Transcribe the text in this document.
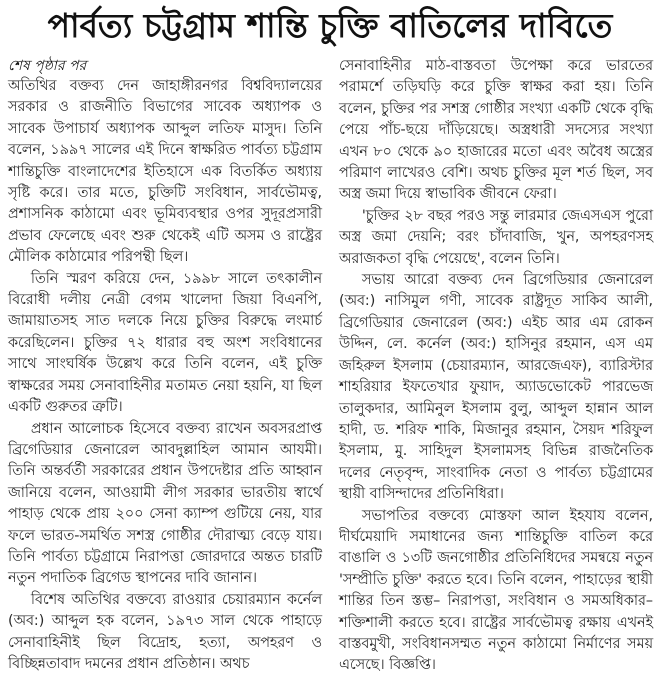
পার্বত্য চট্টগ্রাম শান্তি চুক্তি বাতিলের দাবিতে
শেষ পৃষ্ঠার পর

অতিথির বক্তব্য দেন জাহাঙ্গীরনগর বিশ্ববিদ্যালয়ের সরকার ও রাজনীতি বিভাগের সাবেক অধ্যাপক ও সাবেক উপাচার্য অধ্যাপক আব্দুল লতিফ মাসুদ। তিনি বলেন, ১৯৯৭ সালের এই দিনে স্বাক্ষরিত পার্বত্য চট্টগ্রাম শান্তিচুক্তি বাংলাদেশের ইতিহাসে এক বিতর্কিত অধ্যায় সৃষ্টি করে। তার মতে, চুক্তিটি সংবিধান, সার্বভৌমত্ব, প্রশাসনিক কাঠামো এবং ভূমিব্যবস্থার ওপর সুদূরপ্রসারী প্রভাব ফেলেছে এবং শুরু থেকেই এটি অসম ও রাষ্ট্রের মৌলিক কাঠামোর পরিপন্থী ছিল।

তিনি স্মরণ করিয়ে দেন, ১৯৯৮ সালে তৎকালীন বিরোধী দলীয় নেত্রী বেগম খালেদা জিয়া বিএনপি, জামায়াতসহ সাত দলকে নিয়ে চুক্তির বিরুদ্ধে লংমার্চ করেছিলেন। চুক্তির ৭২ ধারার বহু অংশ সংবিধানের সাথে সাংঘর্ষিক উল্লেখ করে তিনি বলেন, এই চুক্তি স্বাক্ষরের সময় সেনাবাহিনীর মতামত নেয়া হয়নি, যা ছিল একটি গুরুতর ত্রুটি।

প্রধান আলোচক হিসেবে বক্তব্য রাখেন অবসরপ্রাপ্ত ব্রিগেডিয়ার জেনারেল আবদুল্লাহিল আমান আযমী। তিনি অন্তর্বর্তী সরকারের প্রধান উপদেষ্টার প্রতি আহ্বান জানিয়ে বলেন, আওয়ামী লীগ সরকার ভারতীয় স্বার্থে পাহাড় থেকে প্রায় ২০০ সেনা ক্যাম্প গুটিয়ে নেয়, যার ফলে ভারত-সমর্থিত সশস্ত্র গোষ্ঠীর দৌরাত্ম্য বেড়ে যায়। তিনি পার্বত্য চট্টগ্রামে নিরাপত্তা জোরদারে অন্তত চারটি নতুন পদাতিক ব্রিগেড স্থাপনের দাবি জানান।

বিশেষ অতিথির বক্তব্যে রাওয়ার চেয়ারম্যান কর্নেল (অব:) আব্দুল হক বলেন, ১৯৭৩ সাল থেকে পাহাড়ে সেনাবাহিনীই ছিল বিদ্রোহ, হত্যা, অপহরণ ও বিচ্ছিন্নতাবাদ দমনের প্রধান প্রতিষ্ঠান। অথচ

সেনাবাহিনীর মাঠ-বাস্তবতা উপেক্ষা করে ভারতের পরামর্শে তড়িঘড়ি করে চুক্তি স্বাক্ষর করা হয়। তিনি বলেন, চুক্তির পর সশস্ত্র গোষ্ঠীর সংখ্যা একটি থেকে বৃদ্ধি পেয়ে পাঁচ-ছয়ে দাঁড়িয়েছে। অস্ত্রধারী সদস্যের সংখ্যা এখন ৮০ থেকে ৯০ হাজারের মতো এবং অবৈধ অস্ত্রের পরিমাণ লাখেরও বেশি। অথচ চুক্তির মূল শর্ত ছিল, সব অস্ত্র জমা দিয়ে স্বাভাবিক জীবনে ফেরা।

'চুক্তির ২৮ বছর পরও সন্তু লারমার জেএসএস পুরো অস্ত্র জমা দেয়নি; বরং চাঁদাবাজি, খুন, অপহরণসহ অরাজকতা বৃদ্ধি পেয়েছে', বলেন তিনি।

সভায় আরো বক্তব্য দেন ব্রিগেডিয়ার জেনারেল (অব:) নাসিমুল গণী, সাবেক রাষ্ট্রদূত সাকিব আলী, ব্রিগেডিয়ার জেনারেল (অব:) এইচ আর এম রোকন উদ্দিন, লে. কর্নেল (অব:) হাসিনুর রহমান, এস এম জহিরুল ইসলাম (চেয়ারম্যান, আরজেএফ), ব্যারিস্টার শাহরিয়ার ইফতেখার ফুয়াদ, অ্যাডভোকেট পারভেজ তালুকদার, আমিনুল ইসলাম বুলু, আব্দুল হান্নান আল হাদী, ড. শরিফ শাকি, মিজানুর রহমান, সৈয়দ শরিফুল ইসলাম, মু. সাহিদুল ইসলামসহ বিভিন্ন রাজনৈতিক দলের নেতৃবৃন্দ, সাংবাদিক নেতা ও পার্বত্য চট্টগ্রামের স্থায়ী বাসিন্দাদের প্রতিনিধিরা।

সভাপতির বক্তব্যে মোস্তফা আল ইহযায বলেন, দীর্ঘমেয়াদি সমাধানের জন্য শান্তিচুক্তি বাতিল করে বাঙালি ও ১৩টি জনগোষ্ঠীর প্রতিনিধিদের সমন্বয়ে নতুন 'সম্প্রীতি চুক্তি' করতে হবে। তিনি বলেন, পাহাড়ের স্থায়ী শান্তির তিন স্তম্ভ– নিরাপত্তা, সংবিধান ও সমঅধিকার– শক্তিশালী করতে হবে। রাষ্ট্রের সার্বভৌমত্ব রক্ষায় এখনই বাস্তবমুখী, সংবিধানসম্মত নতুন কাঠামো নির্মাণের সময় এসেছে। বিজ্ঞপ্তি।
